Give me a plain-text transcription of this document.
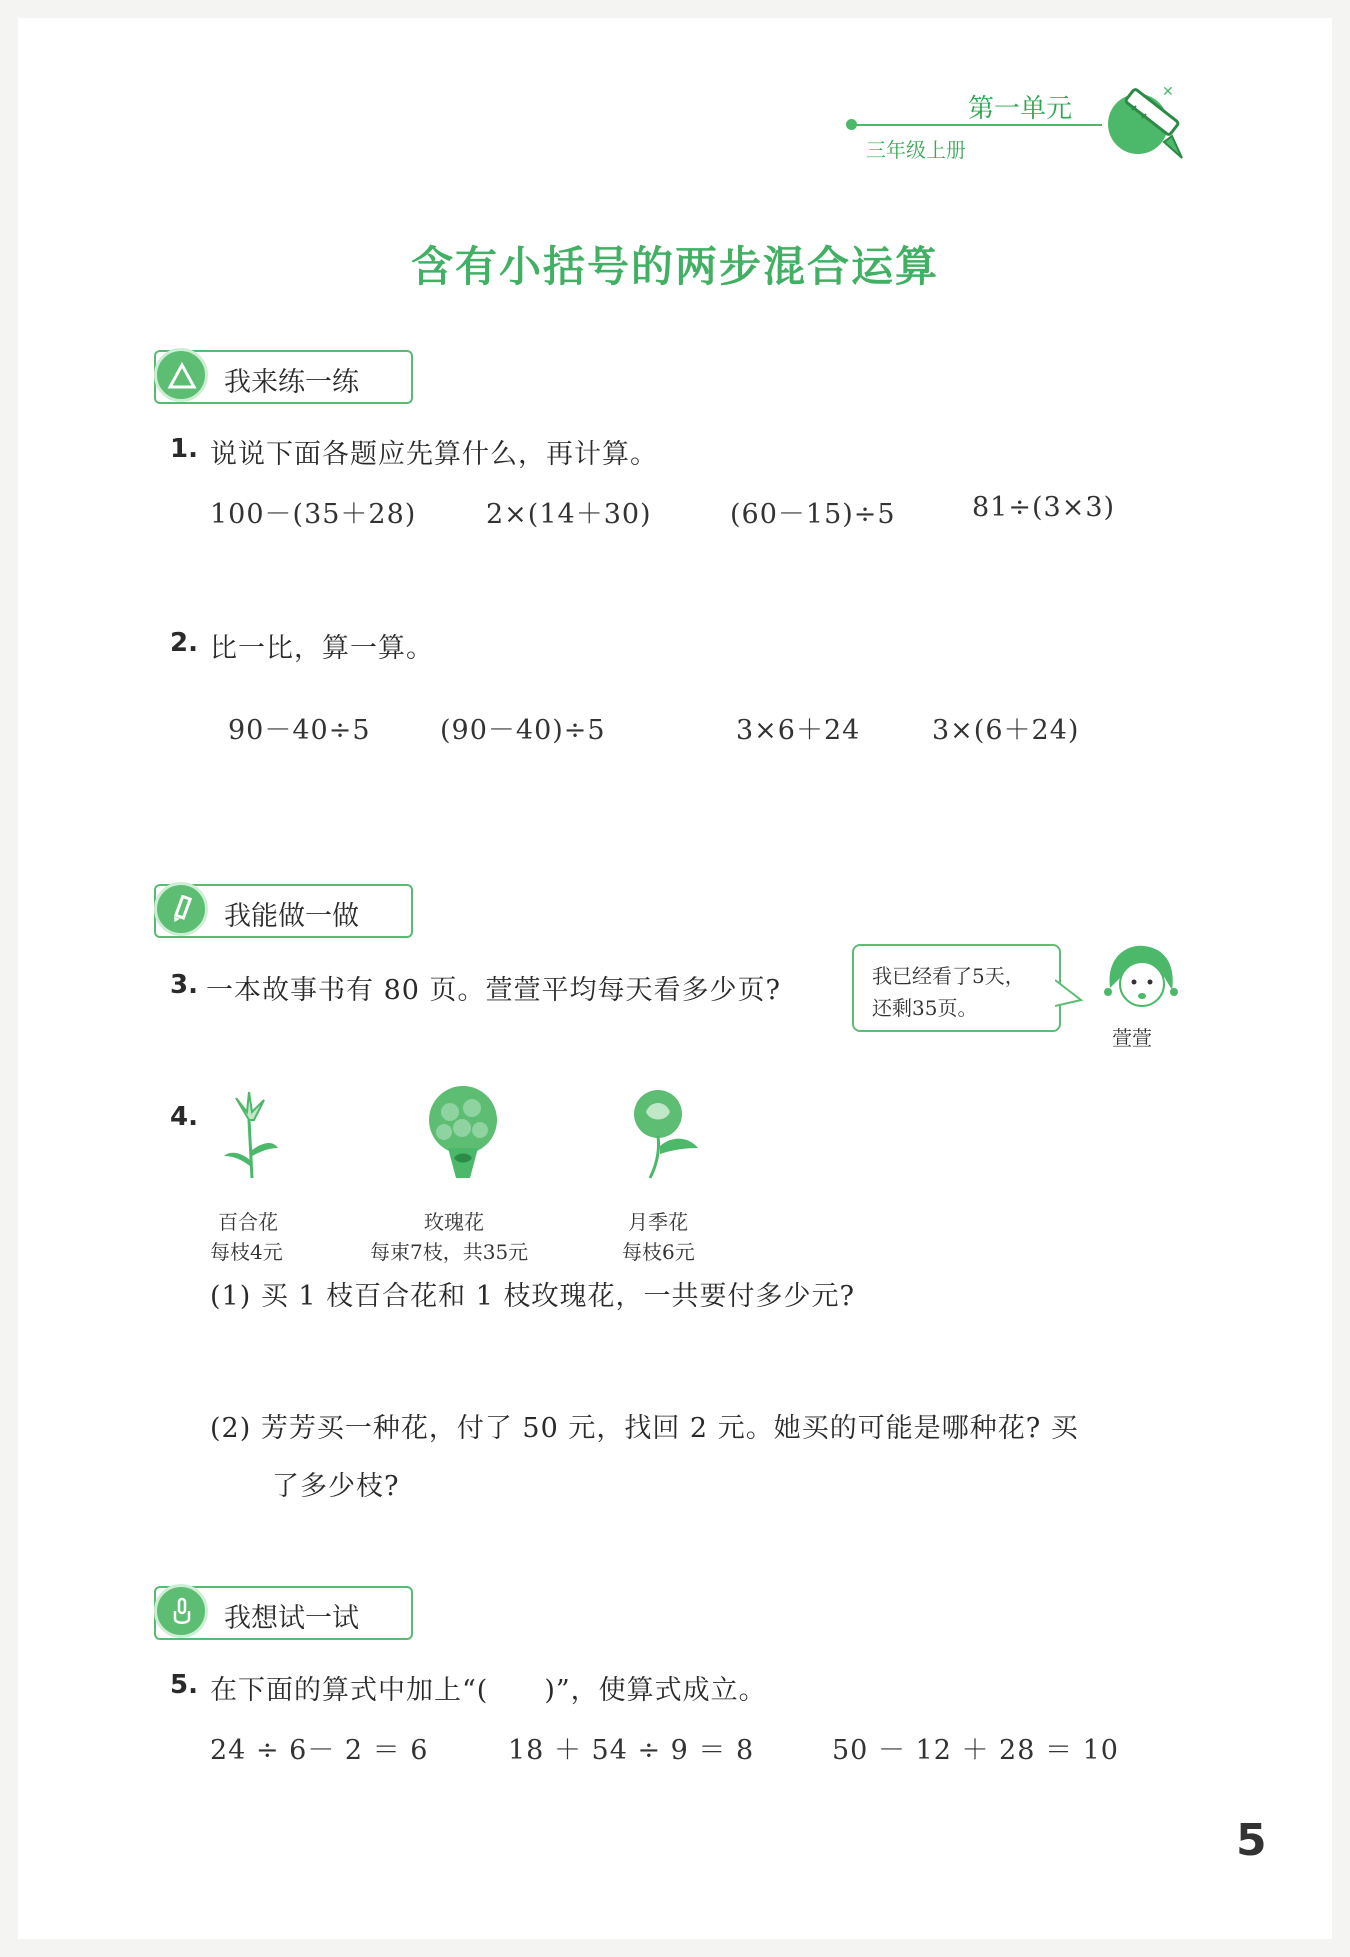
第一单元
三年级上册
✕
含有小括号的两步混合运算
我来练一练
1. 说说下面各题应先算什么，再计算。
100－(35＋28)	2×(14＋30)	(60－15)÷5	81÷(3×3)
2. 比一比，算一算。
90－40÷5	(90－40)÷5	3×6＋24	3×(6＋24)
我能做一做
3. 一本故事书有 80 页。萱萱平均每天看多少页?	我已经看了5天，
还剩35页。
萱萱
4.
百合花
每枝4元
玫瑰花
每束7枝，共35元
月季花
每枝6元
(1) 买 1 枝百合花和 1 枝玫瑰花，一共要付多少元?
(2) 芳芳买一种花，付了 50 元，找回 2 元。她买的可能是哪种花? 买
了多少枝?
我想试一试
5. 在下面的算式中加上“(　　)”，使算式成立。
24 ÷ 6－ 2 ＝ 6	18 ＋ 54 ÷ 9 ＝ 8	50 － 12 ＋ 28 ＝ 10
5
